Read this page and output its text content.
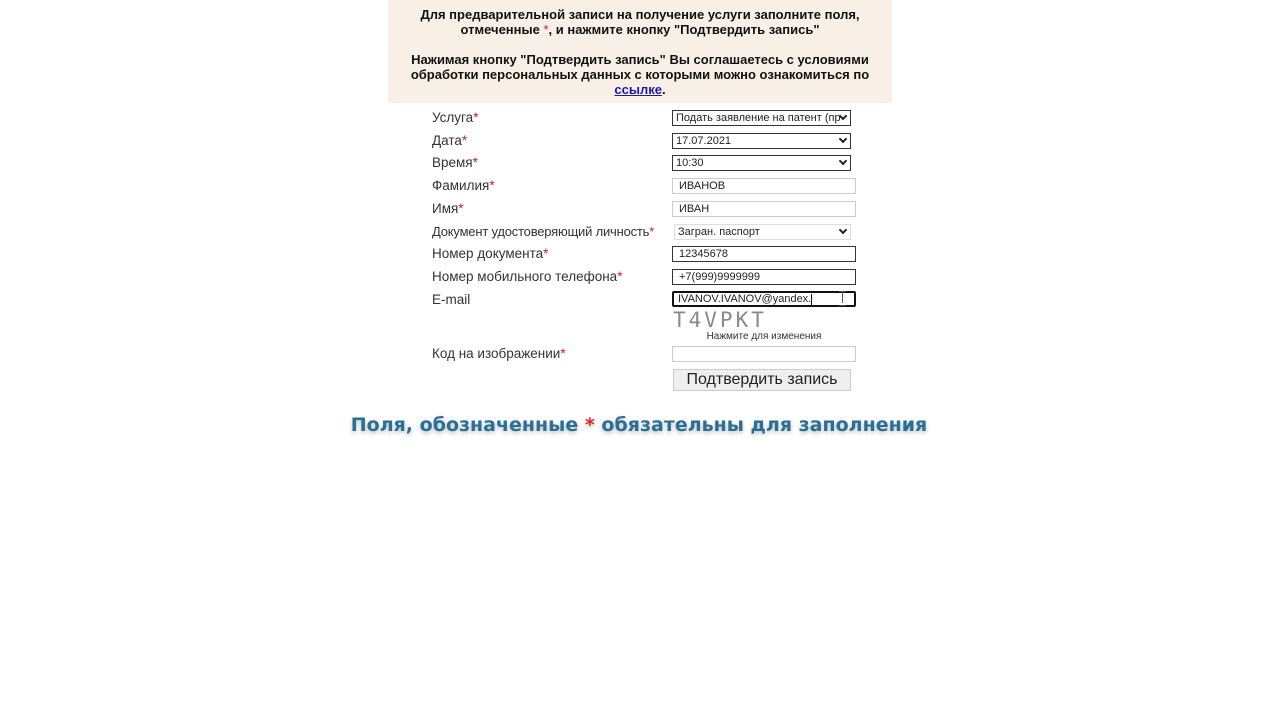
Для предварительной записи на получение услуги заполните поля,
отмеченные *, и нажмите кнопку "Подтвердить запись"

Нажимая кнопку "Подтвердить запись" Вы соглашаетесь с условиями обработки персональных данных с которыми можно ознакомиться по ссылке.

Услуга*	Подать заявление на патент (пр
Дата*	17.07.2021
Время*	10:30
Фамилия*	ИВАНОВ
Имя*	ИВАН
Документ удостоверяющий личность*	Загран. паспорт
Номер документа*	12345678
Номер мобильного телефона*	+7(999)9999999
E-mail	IVANOV.IVANOV@yandex.
T4VPKT
Нажмите для изменения
Код на изображении*
Подтвердить запись
Поля, обозначенные * обязательны для заполнения
